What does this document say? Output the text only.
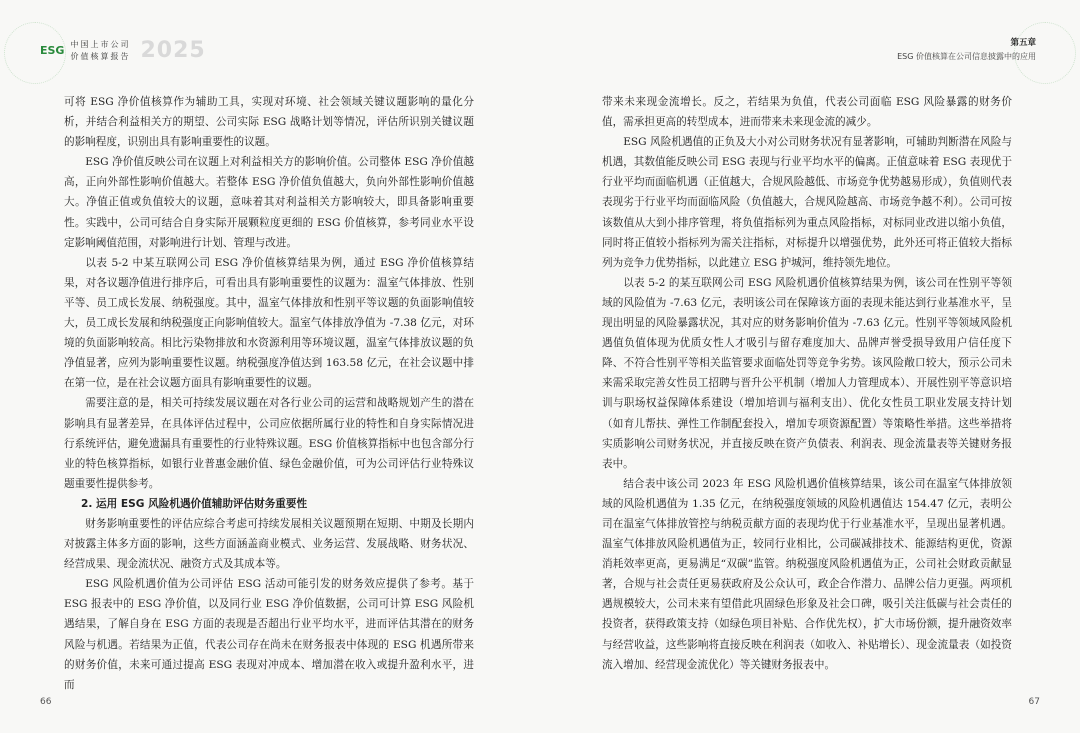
ESG 中国上市公司
价值核算报告 2025

可将 ESG 净价值核算作为辅助工具，实现对环境、社会领域关键议题影响的量化分析，并结合利益相关方的期望、公司实际 ESG 战略计划等情况，评估所识别关键议题的影响程度，识别出具有影响重要性的议题。

ESG 净价值反映公司在议题上对利益相关方的影响价值。公司整体 ESG 净价值越高，正向外部性影响价值越大。若整体 ESG 净价值负值越大，负向外部性影响价值越大。净值正值或负值较大的议题，意味着其对利益相关方影响较大，即具备影响重要性。实践中，公司可结合自身实际开展颗粒度更细的 ESG 价值核算，参考同业水平设定影响阈值范围，对影响进行计划、管理与改进。

以表 5-2 中某互联网公司 ESG 净价值核算结果为例，通过 ESG 净价值核算结果，对各议题净值进行排序后，可看出具有影响重要性的议题为：温室气体排放、性别平等、员工成长发展、纳税强度。其中，温室气体排放和性别平等议题的负面影响值较大，员工成长发展和纳税强度正向影响值较大。温室气体排放净值为 -7.38 亿元，对环境的负面影响较高。相比污染物排放和水资源利用等环境议题，温室气体排放议题的负净值显著，应列为影响重要性议题。纳税强度净值达到 163.58 亿元，在社会议题中排在第一位，是在社会议题方面具有影响重要性的议题。

需要注意的是，相关可持续发展议题在对各行业公司的运营和战略规划产生的潜在影响具有显著差异，在具体评估过程中，公司应依据所属行业的特性和自身实际情况进行系统评估，避免遗漏具有重要性的行业特殊议题。ESG 价值核算指标中也包含部分行业的特色核算指标，如银行业普惠金融价值、绿色金融价值，可为公司评估行业特殊议题重要性提供参考。

2. 运用 ESG 风险机遇价值辅助评估财务重要性

财务影响重要性的评估应综合考虑可持续发展相关议题预期在短期、中期及长期内对披露主体多方面的影响，这些方面涵盖商业模式、业务运营、发展战略、财务状况、经营成果、现金流状况、融资方式及其成本等。

ESG 风险机遇价值为公司评估 ESG 活动可能引发的财务效应提供了参考。基于 ESG 报表中的 ESG 净价值，以及同行业 ESG 净价值数据，公司可计算 ESG 风险机遇结果，了解自身在 ESG 方面的表现是否超出行业平均水平，进而评估其潜在的财务风险与机遇。若结果为正值，代表公司存在尚未在财务报表中体现的 ESG 机遇所带来的财务价值，未来可通过提高 ESG 表现对冲成本、增加潜在收入或提升盈利水平，进而

66
第五章
ESG 价值核算在公司信息披露中的应用

带来未来现金流增长。反之，若结果为负值，代表公司面临 ESG 风险暴露的财务价值，需承担更高的转型成本，进而带来未来现金流的减少。

ESG 风险机遇值的正负及大小对公司财务状况有显著影响，可辅助判断潜在风险与机遇，其数值能反映公司 ESG 表现与行业平均水平的偏离。正值意味着 ESG 表现优于行业平均而面临机遇（正值越大，合规风险越低、市场竞争优势越易形成），负值则代表表现劣于行业平均而面临风险（负值越大，合规风险越高、市场竞争越不利）。公司可按该数值从大到小排序管理，将负值指标列为重点风险指标，对标同业改进以缩小负值，同时将正值较小指标列为需关注指标，对标提升以增强优势，此外还可将正值较大指标列为竞争力优势指标，以此建立 ESG 护城河，维持领先地位。

以表 5-2 的某互联网公司 ESG 风险机遇价值核算结果为例，该公司在性别平等领域的风险值为 -7.63 亿元，表明该公司在保障该方面的表现未能达到行业基准水平，呈现出明显的风险暴露状况，其对应的财务影响价值为 -7.63 亿元。性别平等领域风险机遇值负值体现为优质女性人才吸引与留存难度加大、品牌声誉受损导致用户信任度下降、不符合性别平等相关监管要求面临处罚等竞争劣势。该风险敞口较大，预示公司未来需采取完善女性员工招聘与晋升公平机制（增加人力管理成本）、开展性别平等意识培训与职场权益保障体系建设（增加培训与福利支出）、优化女性员工职业发展支持计划（如育儿帮扶、弹性工作制配套投入，增加专项资源配置）等策略性举措。这些举措将实质影响公司财务状况，并直接反映在资产负债表、利润表、现金流量表等关键财务报表中。

结合表中该公司 2023 年 ESG 风险机遇价值核算结果，该公司在温室气体排放领域的风险机遇值为 1.35 亿元，在纳税强度领域的风险机遇值达 154.47 亿元，表明公司在温室气体排放管控与纳税贡献方面的表现均优于行业基准水平，呈现出显著机遇。温室气体排放风险机遇值为正，较同行业相比，公司碳减排技术、能源结构更优，资源消耗效率更高，更易满足“双碳”监管。纳税强度风险机遇值为正，公司社会财政贡献显著，合规与社会责任更易获政府及公众认可，政企合作潜力、品牌公信力更强。两项机遇规模较大，公司未来有望借此巩固绿色形象及社会口碑，吸引关注低碳与社会责任的投资者，获得政策支持（如绿色项目补贴、合作优先权），扩大市场份额，提升融资效率与经营收益，这些影响将直接反映在利润表（如收入、补贴增长）、现金流量表（如投资流入增加、经营现金流优化）等关键财务报表中。

67
